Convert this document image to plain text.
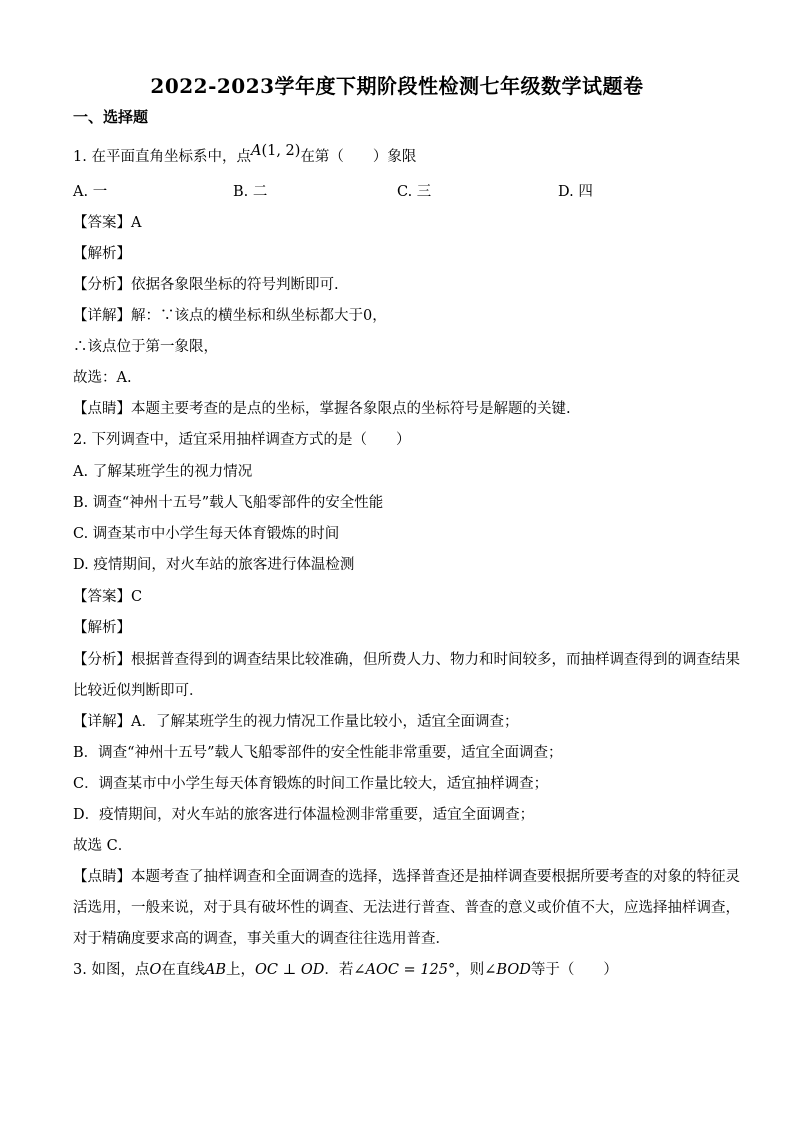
2022-2023学年度下期阶段性检测七年级数学试题卷
一、选择题
1. 在平面直角坐标系中，点A(1, 2)在第（　　）象限
A. 一	B. 二	C. 三	D. 四
【答案】A
【解析】
【分析】依据各象限坐标的符号判断即可.
【详解】解：∵该点的横坐标和纵坐标都大于0，
∴该点位于第一象限，
故选：A.
【点睛】本题主要考查的是点的坐标，掌握各象限点的坐标符号是解题的关键.
2. 下列调查中，适宜采用抽样调查方式的是（　　）
A. 了解某班学生的视力情况
B. 调查“神州十五号”载人飞船零部件的安全性能
C. 调查某市中小学生每天体育锻炼的时间
D. 疫情期间，对火车站的旅客进行体温检测
【答案】C
【解析】
【分析】根据普查得到的调查结果比较准确，但所费人力、物力和时间较多，而抽样调查得到的调查结果
比较近似判断即可．
【详解】A．了解某班学生的视力情况工作量比较小，适宜全面调查；
B．调查“神州十五号”载人飞船零部件的安全性能非常重要，适宜全面调查；
C．调查某市中小学生每天体育锻炼的时间工作量比较大，适宜抽样调查；
D．疫情期间，对火车站的旅客进行体温检测非常重要，适宜全面调查；
故选 C．
【点睛】本题考查了抽样调查和全面调查的选择，选择普查还是抽样调查要根据所要考查的对象的特征灵
活选用，一般来说，对于具有破坏性的调查、无法进行普查、普查的意义或价值不大，应选择抽样调查，
对于精确度要求高的调查，事关重大的调查往往选用普查．
3. 如图，点O在直线AB上，OC ⊥ OD．若∠AOC = 125°，则∠BOD等于（　　）
